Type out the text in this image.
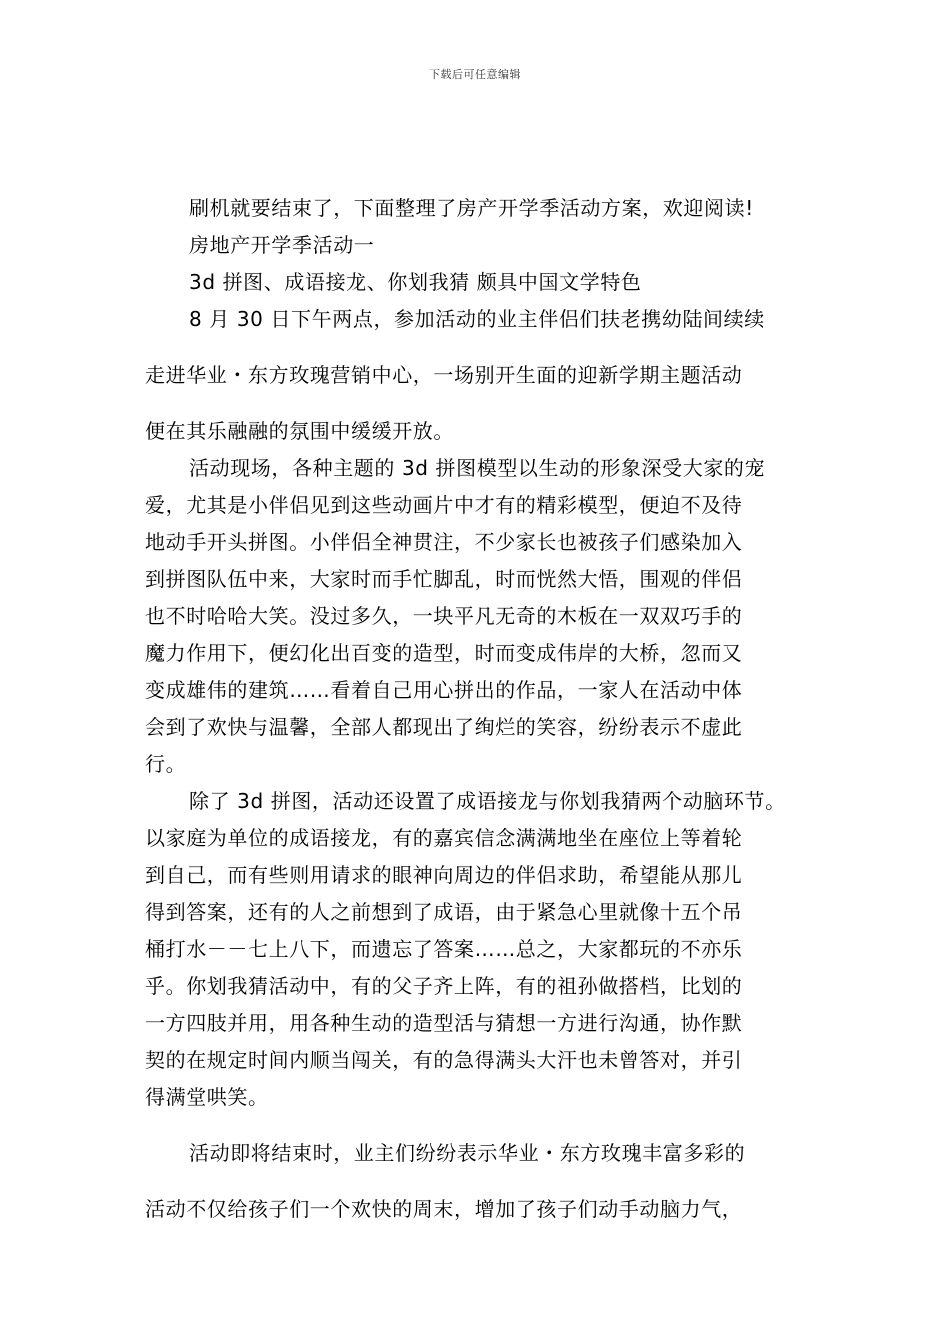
下载后可任意编辑
刷机就要结束了，下面整理了房产开学季活动方案，欢迎阅读!
房地产开学季活动一
3d 拼图、成语接龙、你划我猜 颇具中国文学特色
8 月 30 日下午两点，参加活动的业主伴侣们扶老携幼陆间续续
走进华业・东方玫瑰营销中心，一场别开生面的迎新学期主题活动
便在其乐融融的氛围中缓缓开放。
活动现场，各种主题的 3d 拼图模型以生动的形象深受大家的宠
爱，尤其是小伴侣见到这些动画片中才有的精彩模型，便迫不及待
地动手开头拼图。小伴侣全神贯注，不少家长也被孩子们感染加入
到拼图队伍中来，大家时而手忙脚乱，时而恍然大悟，围观的伴侣
也不时哈哈大笑。没过多久，一块平凡无奇的木板在一双双巧手的
魔力作用下，便幻化出百变的造型，时而变成伟岸的大桥，忽而又
变成雄伟的建筑……看着自己用心拼出的作品，一家人在活动中体
会到了欢快与温馨，全部人都现出了绚烂的笑容，纷纷表示不虚此
行。
除了 3d 拼图，活动还设置了成语接龙与你划我猜两个动脑环节。
以家庭为单位的成语接龙，有的嘉宾信念满满地坐在座位上等着轮
到自己，而有些则用请求的眼神向周边的伴侣求助，希望能从那儿
得到答案，还有的人之前想到了成语，由于紧急心里就像十五个吊
桶打水－－七上八下，而遗忘了答案……总之，大家都玩的不亦乐
乎。你划我猜活动中，有的父子齐上阵，有的祖孙做搭档，比划的
一方四肢并用，用各种生动的造型活与猜想一方进行沟通，协作默
契的在规定时间内顺当闯关，有的急得满头大汗也未曾答对，并引
得满堂哄笑。
活动即将结束时，业主们纷纷表示华业・东方玫瑰丰富多彩的
活动不仅给孩子们一个欢快的周末，增加了孩子们动手动脑力气，
